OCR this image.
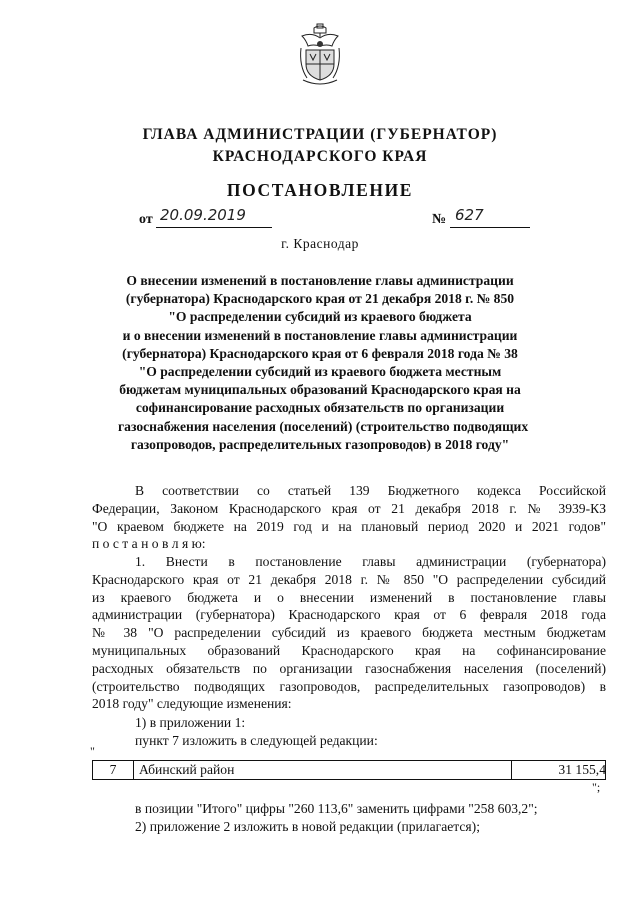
ГЛАВА АДМИНИСТРАЦИИ (ГУБЕРНАТОР)
КРАСНОДАРСКОГО КРАЯ
ПОСТАНОВЛЕНИЕ
от 20.09.2019	№ 627
г. Краснодар
О внесении изменений в постановление главы администрации
(губернатора) Краснодарского края от 21 декабря 2018 г. № 850
"О распределении субсидий из краевого бюджета
и о внесении изменений в постановление главы администрации
(губернатора) Краснодарского края от 6 февраля 2018 года № 38
"О распределении субсидий из краевого бюджета местным
бюджетам муниципальных образований Краснодарского края на
софинансирование расходных обязательств по организации
газоснабжения населения (поселений) (строительство подводящих
газопроводов, распределительных газопроводов) в 2018 году"

В соответствии со статьей 139 Бюджетного кодекса Российской

Федерации, Законом Краснодарского края от 21 декабря 2018 г. № 3939-КЗ

"О краевом бюджете на 2019 год и на плановый период 2020 и 2021 годов"

п о с т а н о в л я ю:

1. Внести в постановление главы администрации (губернатора)

Краснодарского края от 21 декабря 2018 г. № 850 "О распределении субсидий

из краевого бюджета и о внесении изменений в постановление главы

администрации (губернатора) Краснодарского края от 6 февраля 2018 года

№ 38 "О распределении субсидий из краевого бюджета местным бюджетам

муниципальных образований Краснодарского края на софинансирование

расходных обязательств по организации газоснабжения населения (поселений)

(строительство подводящих газопроводов, распределительных газопроводов) в

2018 году" следующие изменения:

1) в приложении 1:

пункт 7 изложить в следующей редакции:

"
7	Абинский район	31 155,4
";

в позиции "Итого" цифры "260 113,6" заменить цифрами "258 603,2";

2) приложение 2 изложить в новой редакции (прилагается);
